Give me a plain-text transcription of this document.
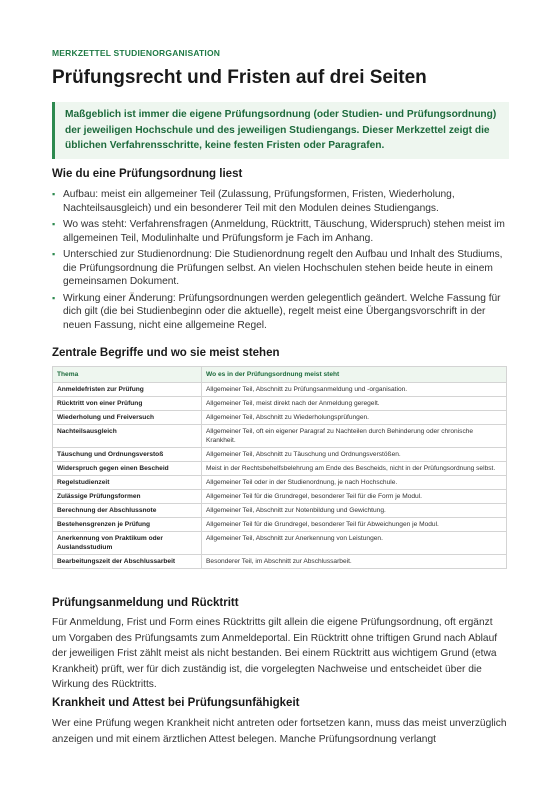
MERKZETTEL STUDIENORGANISATION
Prüfungsrecht und Fristen auf drei Seiten
Maßgeblich ist immer die eigene Prüfungsordnung (oder Studien- und Prüfungsordnung) der jeweiligen Hochschule und des jeweiligen Studiengangs. Dieser Merkzettel zeigt die üblichen Verfahrensschritte, keine festen Fristen oder Paragrafen.
Wie du eine Prüfungsordnung liest
▪ Aufbau: meist ein allgemeiner Teil (Zulassung, Prüfungsformen, Fristen, Wiederholung, Nachteilsausgleich) und ein besonderer Teil mit den Modulen deines Studiengangs.
▪ Wo was steht: Verfahrensfragen (Anmeldung, Rücktritt, Täuschung, Widerspruch) stehen meist im allgemeinen Teil, Modulinhalte und Prüfungsform je Fach im Anhang.
▪ Unterschied zur Studienordnung: Die Studienordnung regelt den Aufbau und Inhalt des Studiums, die Prüfungsordnung die Prüfungen selbst. An vielen Hochschulen stehen beide heute in einem gemeinsamen Dokument.
▪ Wirkung einer Änderung: Prüfungsordnungen werden gelegentlich geändert. Welche Fassung für dich gilt (die bei Studienbeginn oder die aktuelle), regelt meist eine Übergangsvorschrift in der neuen Fassung, nicht eine allgemeine Regel.
Zentrale Begriffe und wo sie meist stehen
Thema	Wo es in der Prüfungsordnung meist steht
Anmeldefristen zur Prüfung	Allgemeiner Teil, Abschnitt zu Prüfungsanmeldung und -organisation.
Rücktritt von einer Prüfung	Allgemeiner Teil, meist direkt nach der Anmeldung geregelt.
Wiederholung und Freiversuch	Allgemeiner Teil, Abschnitt zu Wiederholungsprüfungen.
Nachteilsausgleich	Allgemeiner Teil, oft ein eigener Paragraf zu Nachteilen durch Behinderung oder chronische Krankheit.
Täuschung und Ordnungsverstoß	Allgemeiner Teil, Abschnitt zu Täuschung und Ordnungsverstößen.
Widerspruch gegen einen Bescheid	Meist in der Rechtsbehelfsbelehrung am Ende des Bescheids, nicht in der Prüfungsordnung selbst.
Regelstudienzeit	Allgemeiner Teil oder in der Studienordnung, je nach Hochschule.
Zulässige Prüfungsformen	Allgemeiner Teil für die Grundregel, besonderer Teil für die Form je Modul.
Berechnung der Abschlussnote	Allgemeiner Teil, Abschnitt zur Notenbildung und Gewichtung.
Bestehensgrenzen je Prüfung	Allgemeiner Teil für die Grundregel, besonderer Teil für Abweichungen je Modul.
Anerkennung von Praktikum oder Auslandsstudium	Allgemeiner Teil, Abschnitt zur Anerkennung von Leistungen.
Bearbeitungszeit der Abschlussarbeit	Besonderer Teil, im Abschnitt zur Abschlussarbeit.
Prüfungsanmeldung und Rücktritt

Für Anmeldung, Frist und Form eines Rücktritts gilt allein die eigene Prüfungsordnung, oft ergänzt um Vorgaben des Prüfungsamts zum Anmeldeportal. Ein Rücktritt ohne triftigen Grund nach Ablauf der jeweiligen Frist zählt meist als nicht bestanden. Bei einem Rücktritt aus wichtigem Grund (etwa Krankheit) prüft, wer für dich zuständig ist, die vorgelegten Nachweise und entscheidet über die Wirkung des Rücktritts.

Krankheit und Attest bei Prüfungsunfähigkeit

Wer eine Prüfung wegen Krankheit nicht antreten oder fortsetzen kann, muss das meist unverzüglich anzeigen und mit einem ärztlichen Attest belegen. Manche Prüfungsordnung verlangt
